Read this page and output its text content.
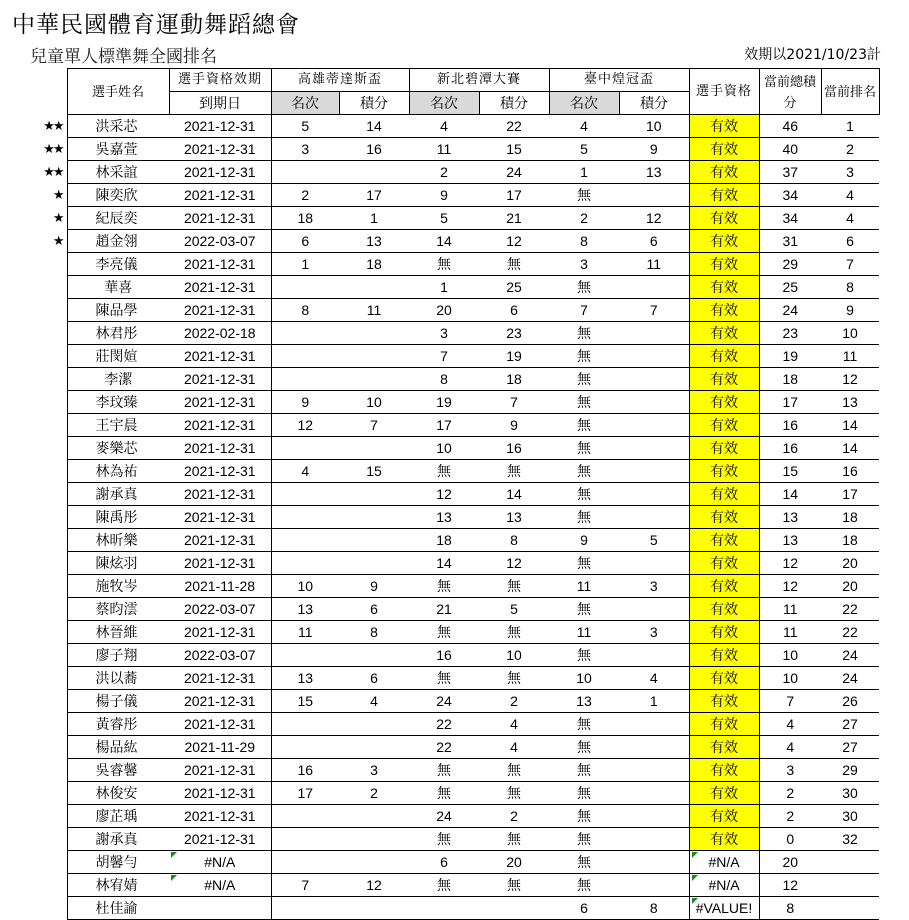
中華民國體育運動舞蹈總會
兒童單人標準舞全國排名	效期以2021/10/23計
	選手姓名	選手資格效期	高雄蒂達斯盃		新北碧潭大賽		臺中煌冠盃		選手資格	當前總積分	當前排名
		到期日	名次	積分	名次	積分	名次	積分			
★★	洪采芯	2021-12-31	5	14	4	22	4	10	有效	46	1
★★	吳嘉萱	2021-12-31	3	16	11	15	5	9	有效	40	2
★★	林采誼	2021-12-31			2	24	1	13	有效	37	3
★	陳奕欣	2021-12-31	2	17	9	17	無		有效	34	4
★	紀辰奕	2021-12-31	18	1	5	21	2	12	有效	34	4
★	趙金翎	2022-03-07	6	13	14	12	8	6	有效	31	6
	李亮儀	2021-12-31	1	18	無	無	3	11	有效	29	7
	華喜	2021-12-31			1	25	無		有效	25	8
	陳品學	2021-12-31	8	11	20	6	7	7	有效	24	9
	林君彤	2022-02-18			3	23	無		有效	23	10
	莊閔媗	2021-12-31			7	19	無		有效	19	11
	李潔	2021-12-31			8	18	無		有效	18	12
	李玟臻	2021-12-31	9	10	19	7	無		有效	17	13
	王宇晨	2021-12-31	12	7	17	9	無		有效	16	14
	麥樂芯	2021-12-31			10	16	無		有效	16	14
	林為祐	2021-12-31	4	15	無	無	無		有效	15	16
	謝承真	2021-12-31			12	14	無		有效	14	17
	陳禹彤	2021-12-31			13	13	無		有效	13	18
	林昕樂	2021-12-31			18	8	9	5	有效	13	18
	陳炫羽	2021-12-31			14	12	無		有效	12	20
	施牧岑	2021-11-28	10	9	無	無	11	3	有效	12	20
	蔡昀澐	2022-03-07	13	6	21	5	無		有效	11	22
	林晉維	2021-12-31	11	8	無	無	11	3	有效	11	22
	廖子翔	2022-03-07			16	10	無		有效	10	24
	洪以蕎	2021-12-31	13	6	無	無	10	4	有效	10	24
	楊子儀	2021-12-31	15	4	24	2	13	1	有效	7	26
	黃睿彤	2021-12-31			22	4	無		有效	4	27
	楊品紘	2021-11-29			22	4	無		有效	4	27
	吳睿馨	2021-12-31	16	3	無	無	無		有效	3	29
	林俊安	2021-12-31	17	2	無	無	無		有效	2	30
	廖芷瑀	2021-12-31			24	2	無		有效	2	30
	謝承真	2021-12-31			無	無	無		有效	0	32
	胡馨勻	#N/A			6	20	無		#N/A	20	
	林宥婧	#N/A	7	12	無	無	無		#N/A	12	
	杜佳諭						6	8	#VALUE!	8	
